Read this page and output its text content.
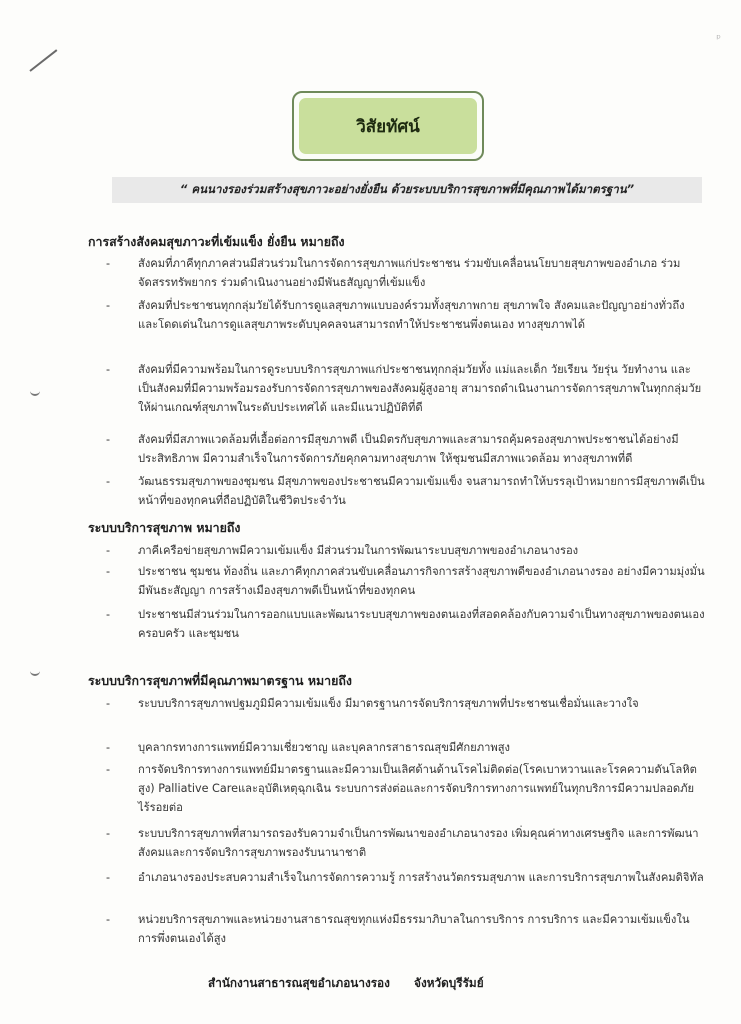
ᵖ
วิสัยทัศน์
“ คนนางรองร่วมสร้างสุขภาวะอย่างยั่งยืน ด้วยระบบบริการสุขภาพที่มีคุณภาพได้มาตรฐาน”
การสร้างสังคมสุขภาวะที่เข้มแข็ง ยั่งยืน หมายถึง
-	สังคมที่ภาคีทุกภาคส่วนมีส่วนร่วมในการจัดการสุขภาพแก่ประชาชน ร่วมขับเคลื่อนนโยบายสุขภาพของอำเภอ ร่วมจัดสรรทรัพยากร ร่วมดำเนินงานอย่างมีพันธสัญญาที่เข้มแข็ง
-	สังคมที่ประชาชนทุกกลุ่มวัยได้รับการดูแลสุขภาพแบบองค์รวมทั้งสุขภาพกาย สุขภาพใจ สังคมและปัญญาอย่างทั่วถึง และโดดเด่นในการดูแลสุขภาพระดับบุคคลจนสามารถทำให้ประชาชนพึ่งตนเอง ทางสุขภาพได้
-	สังคมที่มีความพร้อมในการดูระบบบริการสุขภาพแก่ประชาชนทุกกลุ่มวัยทั้ง แม่และเด็ก วัยเรียน วัยรุ่น วัยทำงาน และเป็นสังคมที่มีความพร้อมรองรับการจัดการสุขภาพของสังคมผู้สูงอายุ สามารถดำเนินงานการจัดการสุขภาพในทุกกลุ่มวัยให้ผ่านเกณฑ์สุขภาพในระดับประเทศได้ และมีแนวปฏิบัติที่ดี
-	สังคมที่มีสภาพแวดล้อมที่เอื้อต่อการมีสุขภาพดี เป็นมิตรกับสุขภาพและสามารถคุ้มครองสุขภาพประชาชนได้อย่างมีประสิทธิภาพ มีความสำเร็จในการจัดการภัยคุกคามทางสุขภาพ ให้ชุมชนมีสภาพแวดล้อม ทางสุขภาพที่ดี
-	วัฒนธรรมสุขภาพของชุมชน มีสุขภาพของประชาชนมีความเข้มแข็ง จนสามารถทำให้บรรลุเป้าหมายการมีสุขภาพดีเป็นหน้าที่ของทุกคนที่ถือปฏิบัติในชีวิตประจำวัน
ระบบบริการสุขภาพ หมายถึง
-	ภาคีเครือข่ายสุขภาพมีความเข้มแข็ง มีส่วนร่วมในการพัฒนาระบบสุขภาพของอำเภอนางรอง
-	ประชาชน ชุมชน ท้องถิ่น และภาคีทุกภาคส่วนขับเคลื่อนภารกิจการสร้างสุขภาพดีของอำเภอนางรอง อย่างมีความมุ่งมั่น มีพันธะสัญญา การสร้างเมืองสุขภาพดีเป็นหน้าที่ของทุกคน
-	ประชาชนมีส่วนร่วมในการออกแบบและพัฒนาระบบสุขภาพของตนเองที่สอดคล้องกับความจำเป็นทางสุขภาพของตนเอง ครอบครัว และชุมชน
ระบบบริการสุขภาพที่มีคุณภาพมาตรฐาน หมายถึง
-	ระบบบริการสุขภาพปฐมภูมิมีความเข้มแข็ง มีมาตรฐานการจัดบริการสุขภาพที่ประชาชนเชื่อมั่นและวางใจ
-	บุคลากรทางการแพทย์มีความเชี่ยวชาญ และบุคลากรสาธารณสุขมีศักยภาพสูง
-	การจัดบริการทางการแพทย์มีมาตรฐานและมีความเป็นเลิศด้านด้านโรคไม่ติดต่อ(โรคเบาหวานและโรคความดันโลหิตสูง) Palliative Careและอุบัติเหตุฉุกเฉิน ระบบการส่งต่อและการจัดบริการทางการแพทย์ในทุกบริการมีความปลอดภัย ไร้รอยต่อ
-	ระบบบริการสุขภาพที่สามารถรองรับความจำเป็นการพัฒนาของอำเภอนางรอง เพิ่มคุณค่าทางเศรษฐกิจ และการพัฒนาสังคมและการจัดบริการสุขภาพรองรับนานาชาติ
-	อำเภอนางรองประสบความสำเร็จในการจัดการความรู้ การสร้างนวัตกรรมสุขภาพ และการบริการสุขภาพในสังคมดิจิทัล
-	หน่วยบริการสุขภาพและหน่วยงานสาธารณสุขทุกแห่งมีธรรมาภิบาลในการบริการ การบริการ และมีความเข้มแข็งในการพึ่งตนเองได้สูง
สำนักงานสาธารณสุขอำเภอนางรอง จังหวัดบุรีรัมย์
